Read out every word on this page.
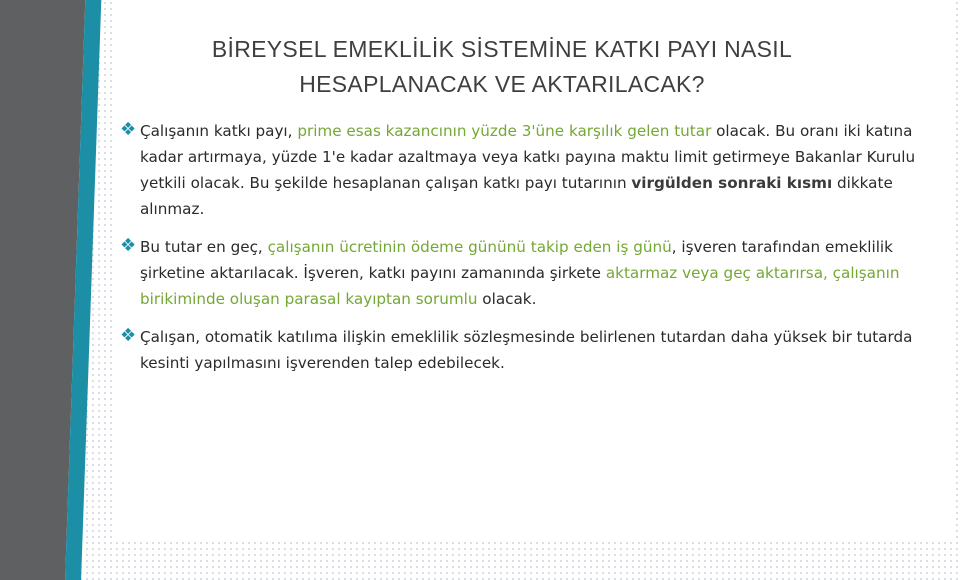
BİREYSEL EMEKLİLİK SİSTEMİNE KATKI PAYI NASIL
HESAPLANACAK VE AKTARILACAK?
❖ Çalışanın katkı payı, prime esas kazancının yüzde 3'üne karşılık gelen tutar olacak. Bu oranı iki katına kadar artırmaya, yüzde 1'e kadar azaltmaya veya katkı payına maktu limit getirmeye Bakanlar Kurulu yetkili olacak. Bu şekilde hesaplanan çalışan katkı payı tutarının virgülden sonraki kısmı dikkate alınmaz.
❖ Bu tutar en geç, çalışanın ücretinin ödeme gününü takip eden iş günü, işveren tarafından emeklilik şirketine aktarılacak. İşveren, katkı payını zamanında şirkete aktarmaz veya geç aktarırsa, çalışanın birikiminde oluşan parasal kayıptan sorumlu olacak.
❖ Çalışan, otomatik katılıma ilişkin emeklilik sözleşmesinde belirlenen tutardan daha yüksek bir tutarda kesinti yapılmasını işverenden talep edebilecek.
